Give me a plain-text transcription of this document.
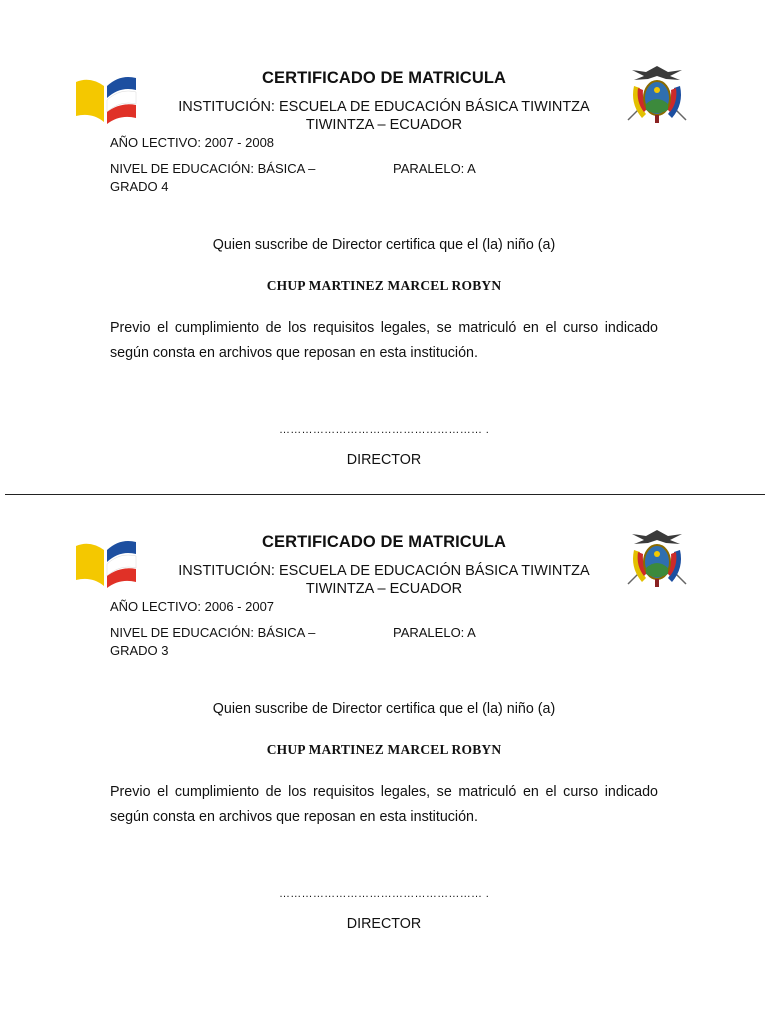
CERTIFICADO DE MATRICULA
INSTITUCIÓN: ESCUELA DE EDUCACIÓN BÁSICA TIWINTZA
TIWINTZA – ECUADOR
AÑO LECTIVO: 2007 - 2008
NIVEL DE EDUCACIÓN: BÁSICA –
GRADO 4
PARALELO: A
Quien suscribe de Director certifica que el (la) niño (a)
CHUP MARTINEZ MARCEL ROBYN
Previo el cumplimiento de los requisitos legales, se matriculó en el curso indicado según consta en archivos que reposan en esta institución.
……………………………………………… .
DIRECTOR
CERTIFICADO DE MATRICULA
INSTITUCIÓN: ESCUELA DE EDUCACIÓN BÁSICA TIWINTZA
TIWINTZA – ECUADOR
AÑO LECTIVO: 2006 - 2007
NIVEL DE EDUCACIÓN: BÁSICA –
GRADO 3
PARALELO: A
Quien suscribe de Director certifica que el (la) niño (a)
CHUP MARTINEZ MARCEL ROBYN
Previo el cumplimiento de los requisitos legales, se matriculó en el curso indicado según consta en archivos que reposan en esta institución.
……………………………………………… .
DIRECTOR
